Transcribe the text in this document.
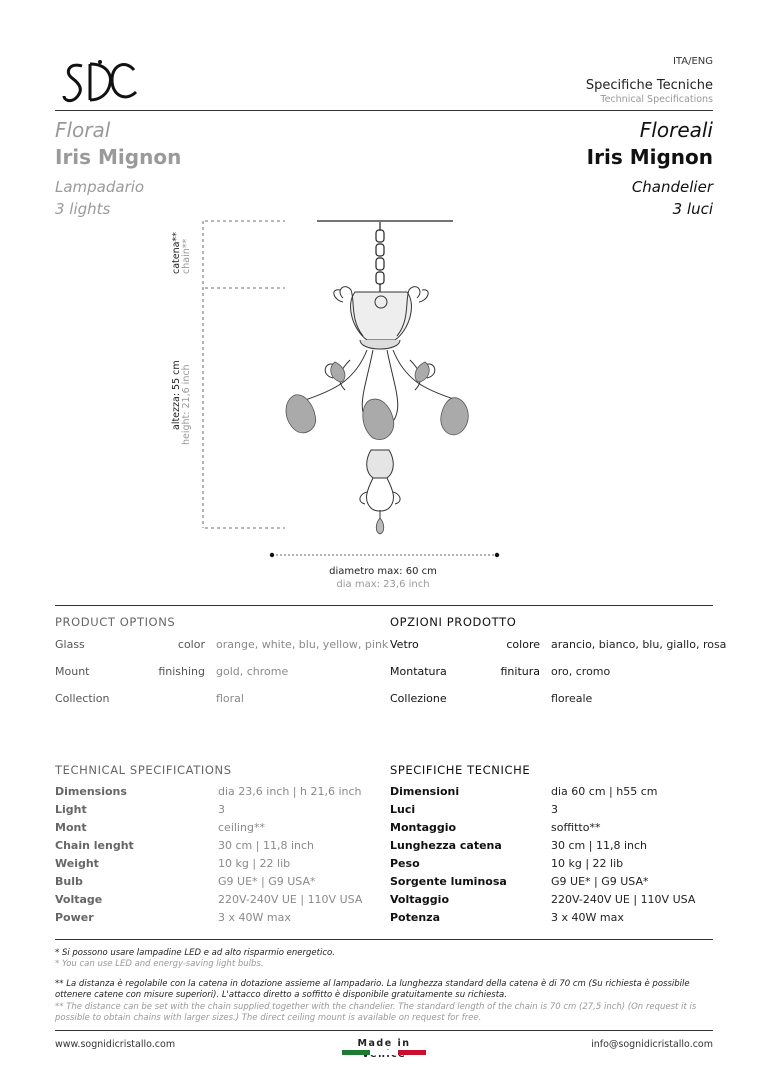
ITA/ENG
Specifiche Tecniche
Technical Specifications
Floral
Iris Mignon
Lampadario
3 lights
Floreali
Iris Mignon
Chandelier
3 luci
catena** chain**
altezza: 55 cm height: 21,6 inch
diametro max: 60 cm
dia max: 23,6 inch
PRODUCT OPTIONS
Glass	color orange, white, blu, yellow, pink
Mount	finishing gold, chrome
Collection	floral
OPZIONI PRODOTTO
Vetro	colore arancio, bianco, blu, giallo, rosa
Montatura	finitura oro, cromo
Collezione	floreale
TECHNICAL SPECIFICATIONS
Dimensions	dia 23,6 inch | h 21,6 inch
Light	3
Mont	ceiling**
Chain lenght	30 cm | 11,8 inch
Weight	10 kg | 22 lib
Bulb	G9 UE* | G9 USA*
Voltage	220V-240V UE | 110V USA
Power	3 x 40W max
SPECIFICHE TECNICHE
Dimensioni	dia 60 cm | h55 cm
Luci	3
Montaggio	soffitto**
Lunghezza catena	30 cm | 11,8 inch
Peso	10 kg | 22 lib
Sorgente luminosa	G9 UE* | G9 USA*
Voltaggio	220V-240V UE | 110V USA
Potenza	3 x 40W max
* Si possono usare lampadine LED e ad alto risparmio energetico.
* You can use LED and energy-saving light bulbs.
** La distanza è regolabile con la catena in dotazione assieme al lampadario. La lunghezza standard della catena è di 70 cm (Su richiesta è possibile ottenere catene con misure superiori). L'attacco diretto a soffitto è disponibile gratuitamente su richiesta.
** The distance can be set with the chain supplied together with the chandelier. The standard length of the chain is 70 cm (27,5 inch) (On request it is possible to obtain chains with larger sizes.) The direct ceiling mount is available on request for free.
www.sognidicristallo.com	Made in	info@sognidicristallo.com
